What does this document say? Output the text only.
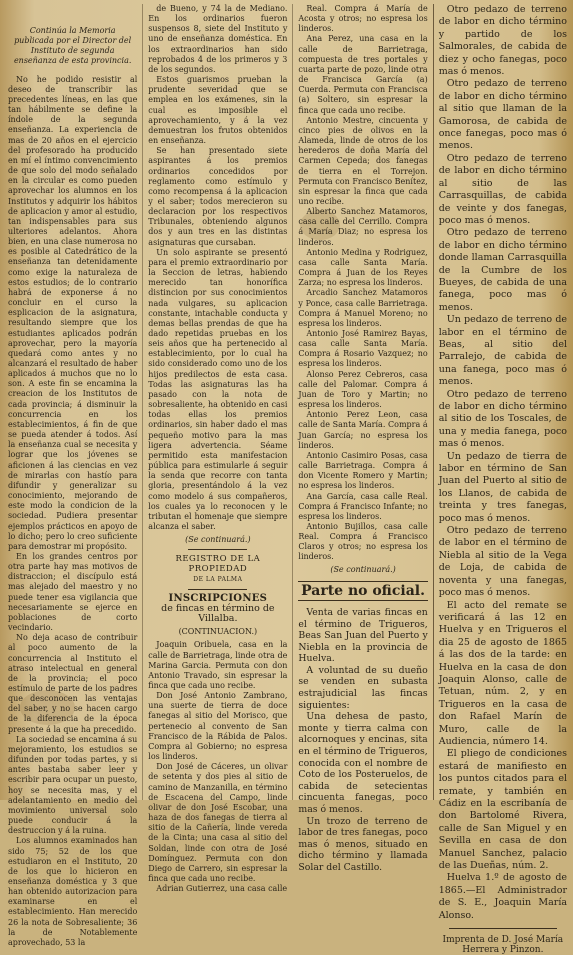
Continúa la Memoria publicada por el Director del Instituto de segunda enseñanza de esta provincia.

No he podido resistir al deseo de transcribir las precedentes líneas, en las que tan hábilmente se define la índole de la segunda enseñanza. La experiencia de mas de 20 años en el ejercicio del profesorado ha producido en mí el íntimo convencimiento de que solo del modo señalado en la circular es como pueden aprovechar los alumnos en los Institutos y adquirir los hábitos de aplicacion y amor al estudio, tan indispensables para sus ulteriores adelantos. Ahora bien, en una clase numerosa no es posible al Catedrático de la enseñanza tan detenidamente como exige la naturaleza de estos estudios; de lo contrario habrá de exponerse á no concluir en el curso la esplicacion de la asignatura, resultando siempre que los estudiantes aplicados podrán aprovechar, pero la mayoría quedará como antes y no alcanzará el resultado de haber aplicados á muchos que no lo son. A este fin se encamina la creacion de los Institutos de cada provincia; á disminuir la concurrencia en los establecimientos, á fin de que se pueda atender á todos. Así la enseñanza cual se necesita y lograr que los jóvenes se aficionen á las ciencias en vez de mirarlas con hastío para difundir y generalizar su conocimiento, mejorando de este modo la condicion de la sociedad. Pudiera presentar ejemplos prácticos en apoyo de lo dicho; pero lo creo suficiente para demostrar mi propósito.

En los grandes centros por otra parte hay mas motivos de distraccion; el discípulo está mas alejado del maestro y no puede tener esa vigilancia que necesariamente se ejerce en poblaciones de corto vecindario.

No deja acaso de contribuir al poco aumento de la concurrencia al Instituto el atraso intelectual en general de la provincia; el poco estímulo de parte de los padres que desconocen las ventajas del saber, y no se hacen cargo de la diferencia de la época presente á la que ha precedido.

La sociedad se encamina á su mejoramiento, los estudios se difunden por todas partes, y si antes bastaba saber leer y escribir para ocupar un puesto, hoy se necesita mas, y el adelantamiento en medio del movimiento universal solo puede conducir á la destruccion y á la ruina.

Los alumnos examinados han sido 75; 52 de los que estudiaron en el Instituto, 20 de los que lo hicieron en enseñanza doméstica y 3 que han obtenido autorizacion para examinarse en el establecimiento. Han merecido 26 la nota de Sobresaliente; 36 la de Notablemente aprovechado, 53 la

de Bueno, y 74 la de Mediano. En los ordinarios fueron suspensos 8, siete del Instituto y uno de enseñanza doméstica. En los extraordinarios han sido reprobados 4 de los primeros y 3 de los segundos.

Estos guarismos prueban la prudente severidad que se emplea en los exámenes, sin la cual es imposible el aprovechamiento, y á la vez demuestran los frutos obtenidos en enseñanza.

Se han presentado siete aspirantes á los premios ordinarios concedidos por reglamento como estímulo y como recompensa á la aplicacion y el saber; todos merecieron su declaracion por los respectivos Tribunales, obteniendo algunos dos y aun tres en las distintas asignaturas que cursaban.

Un solo aspirante se presentó para el premio extraordinario por la Seccion de letras, habiendo merecido tan honorífica distincion por sus conocimientos nada vulgares, su aplicacion constante, intachable conducta y demas bellas prendas de que ha dado repetidas pruebas en los seis años que ha pertenecido al establecimiento, por lo cual ha sido considerado como uno de los hijos predilectos de esta casa. Todas las asignaturas las ha pasado con la nota de sobresaliente, ha obtenido en casi todas ellas los premios ordinarios, sin haber dado el mas pequeño motivo para la mas ligera advertencia. Séame permitido esta manifestacion pública para estimularle á seguir la senda que recorre con tanta gloria, presentándolo á la vez como modelo á sus compañeros, los cuales ya lo reconocen y le tributan el homenaje que siempre alcanza el saber.

(Se continuará.)

REGISTRO DE LA PROPIEDAD

DE LA PALMA

INSCRIPCIONES

de fincas en término de Villalba.

(CONTINUACION.)

Joaquin Oribuela, casa en la calle de Barrietraga, linde otra de Marina Garcia. Permuta con don Antonio Travado, sin espresar la finca que cada uno recibe.

Don José Antonio Zambrano, una suerte de tierra de doce fanegas al sitio del Morisco, que pertenecio al convento de San Francisco de la Rábida de Palos. Compra al Gobierno; no espresa los linderos.

Don José de Cáceres, un olivar de setenta y dos pies al sitio de camino de Manzanilla, en término de Escacena del Campo, linde olivar de don José Escobar, una haza de dos fanegas de tierra al sitio de la Cañería, linde vereda de la Cinta; una casa al sitio del Soldan, linde con otra de José Domínguez. Permuta con don Diego de Carrero, sin espresar la finca que cada uno recibe.

Adrian Gutierrez, una casa calle

Real. Compra á María de Acosta y otros; no espresa los linderos.

Ana Perez, una casa en la calle de Barrietraga, compuesta de tres portales y cuarta parte de pozo, linde otra de Francisca García (a) Cuerda. Permuta con Francisca (a) Soltero, sin espresar la finca que cada uno recibe.

Antonio Mestre, cincuenta y cinco pies de olivos en la Alameda, linde de otros de los herederos de doña María del Carmen Cepeda; dos fanegas de tierra en el Torrejon. Permuta con Francisco Benítez, sin espresar la finca que cada uno recibe.

Alberto Sanchez Matamoros, casa calle del Cerrillo. Compra á María Diaz; no espresa los linderos.

Antonio Medina y Rodriguez, casa calle Santa María. Compra á Juan de los Reyes Zarza; no espresa los linderos.

Arcadio Sanchez Matamoros y Ponce, casa calle Barrietraga. Compra á Manuel Moreno; no espresa los linderos.

Antonio José Ramirez Bayas, casa calle Santa María. Compra á Rosario Vazquez; no espresa los linderos.

Alonso Perez Cebreros, casa calle del Palomar. Compra á Juan de Toro y Martin; no espresa los linderos.

Antonio Perez Leon, casa calle de Santa María. Compra á Juan García; no espresa los linderos.

Antonio Casimiro Posas, casa calle Barrietraga. Compra á don Vicente Romero y Martin; no espresa los linderos.

Ana García, casa calle Real. Compra á Francisco Infante; no espresa los linderos.

Antonio Bujillos, casa calle Real. Compra á Francisco Claros y otros; no espresa los linderos.

(Se continuará.)

Parte no oficial.

Venta de varias fincas en el término de Trigueros, Beas San Juan del Puerto y Niebla en la provincia de Huelva.

A voluntad de su dueño se venden en subasta estrajudicial las fincas siguientes:

Una dehesa de pasto, monte y tierra calma con alcornoques y encinas, sita en el término de Trigueros, conocida con el nombre de Coto de los Posteruelos, de cabida de setecientas cincuenta fanegas, poco mas ó menos.

Un trozo de terreno de labor de tres fanegas, poco mas ó menos, situado en dicho término y llamada Solar del Castillo.

Otro pedazo de terreno de labor en dicho término y partido de los Salmorales, de cabida de diez y ocho fanegas, poco mas ó menos.

Otro pedazo de terreno de labor en dicho término al sitio que llaman de la Gamorosa, de cabida de once fanegas, poco mas ó menos.

Otro pedazo de terreno de labor en dicho término al sitio de las Carrasquillas, de cabida de veinte y dos fanegas, poco mas ó menos.

Otro pedazo de terreno de labor en dicho término donde llaman Carrasquilla de la Cumbre de los Bueyes, de cabida de una fanega, poco mas ó menos.

Un pedazo de terreno de labor en el término de Beas, al sitio del Parralejo, de cabida de una fanega, poco mas ó menos.

Otro pedazo de terreno de labor en dicho término al sitio de los Toscales, de una y media fanega, poco mas ó menos.

Un pedazo de tierra de labor en término de San Juan del Puerto al sitio de los Llanos, de cabida de treinta y tres fanegas, poco mas ó menos.

Otro pedazo de terreno de labor en el término de Niebla al sitio de la Vega de Loja, de cabida de noventa y una fanegas, poco mas ó menos.

El acto del remate se verificará á las 12 en Huelva y en Trigueros el dia 25 de agosto de 1865 á las dos de la tarde: en Huelva en la casa de don Joaquin Alonso, calle de Tetuan, núm. 2, y en Trigueros en la casa de don Rafael Marín de Muro, calle de la Audiencia, número 14.

El pliego de condiciones estará de manifiesto en los puntos citados para el remate, y también en Cádiz en la escribanía de don Bartolomé Rivera, calle de San Miguel y en Sevilla en casa de don Manuel Sanchez, palacio de las Dueñas, núm. 2.

Huelva 1.º de agosto de 1865.—El Administrador de S. E., Joaquin María Alonso.

Imprenta de D. José María

Herrera y Pinzon.
